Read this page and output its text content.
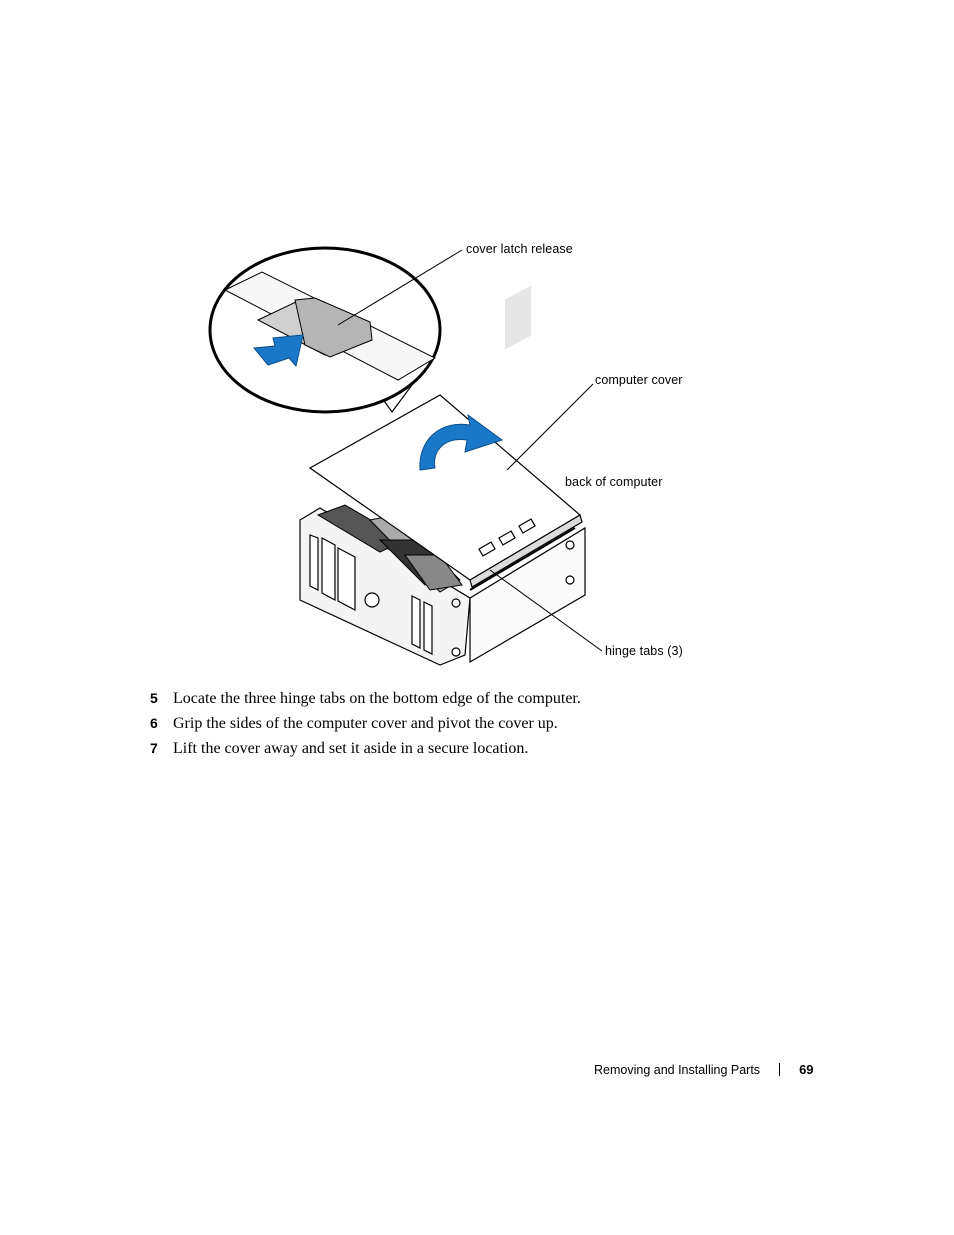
cover latch release
computer cover
back of computer
hinge tabs (3)
5 Locate the three hinge tabs on the bottom edge of the computer.
6 Grip the sides of the computer cover and pivot the cover up.
7 Lift the cover away and set it aside in a secure location.
Removing and Installing Parts	69
